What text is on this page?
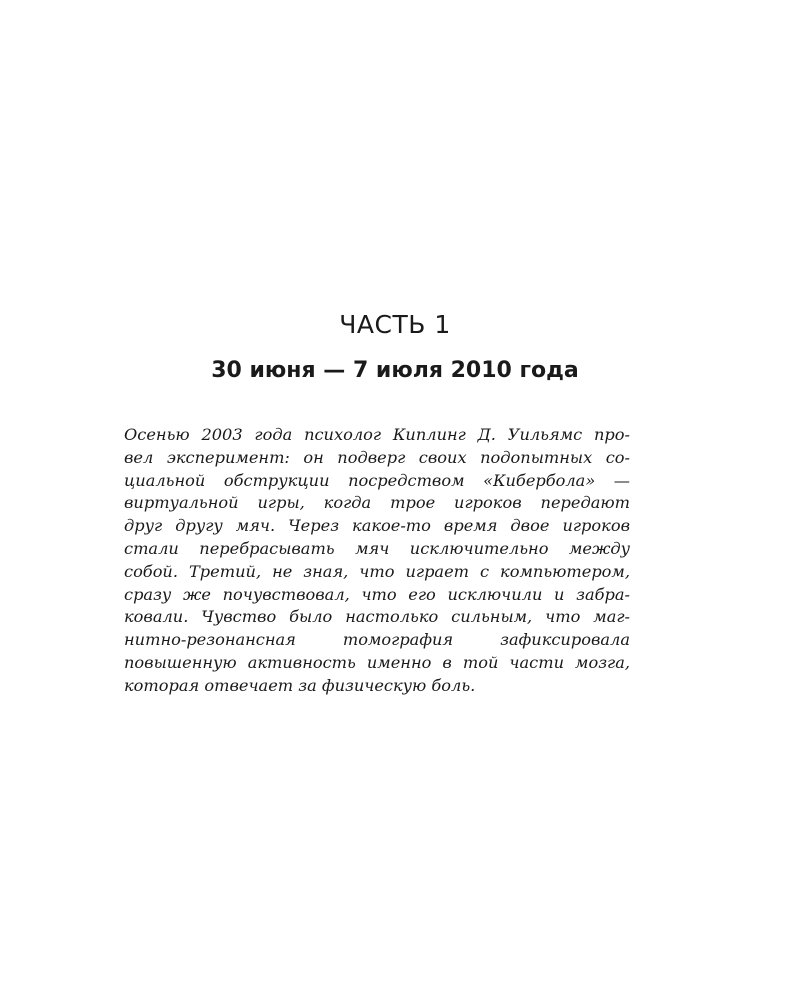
ЧАСТЬ 1
30 июня — 7 июля 2010 года

Осенью 2003 года психолог Киплинг Д. Уильямс про-
вел эксперимент: он подверг своих подопытных со-
циальной обструкции посредством «Кибербола» —
виртуальной игры, когда трое игроков передают
друг другу мяч. Через какое-то время двое игроков
стали перебрасывать мяч исключительно между
собой. Третий, не зная, что играет с компьютером,
сразу же почувствовал, что его исключили и забра-
ковали. Чувство было настолько сильным, что маг-
нитно-резонансная томография зафиксировала
повышенную активность именно в той части мозга,
которая отвечает за физическую боль.
